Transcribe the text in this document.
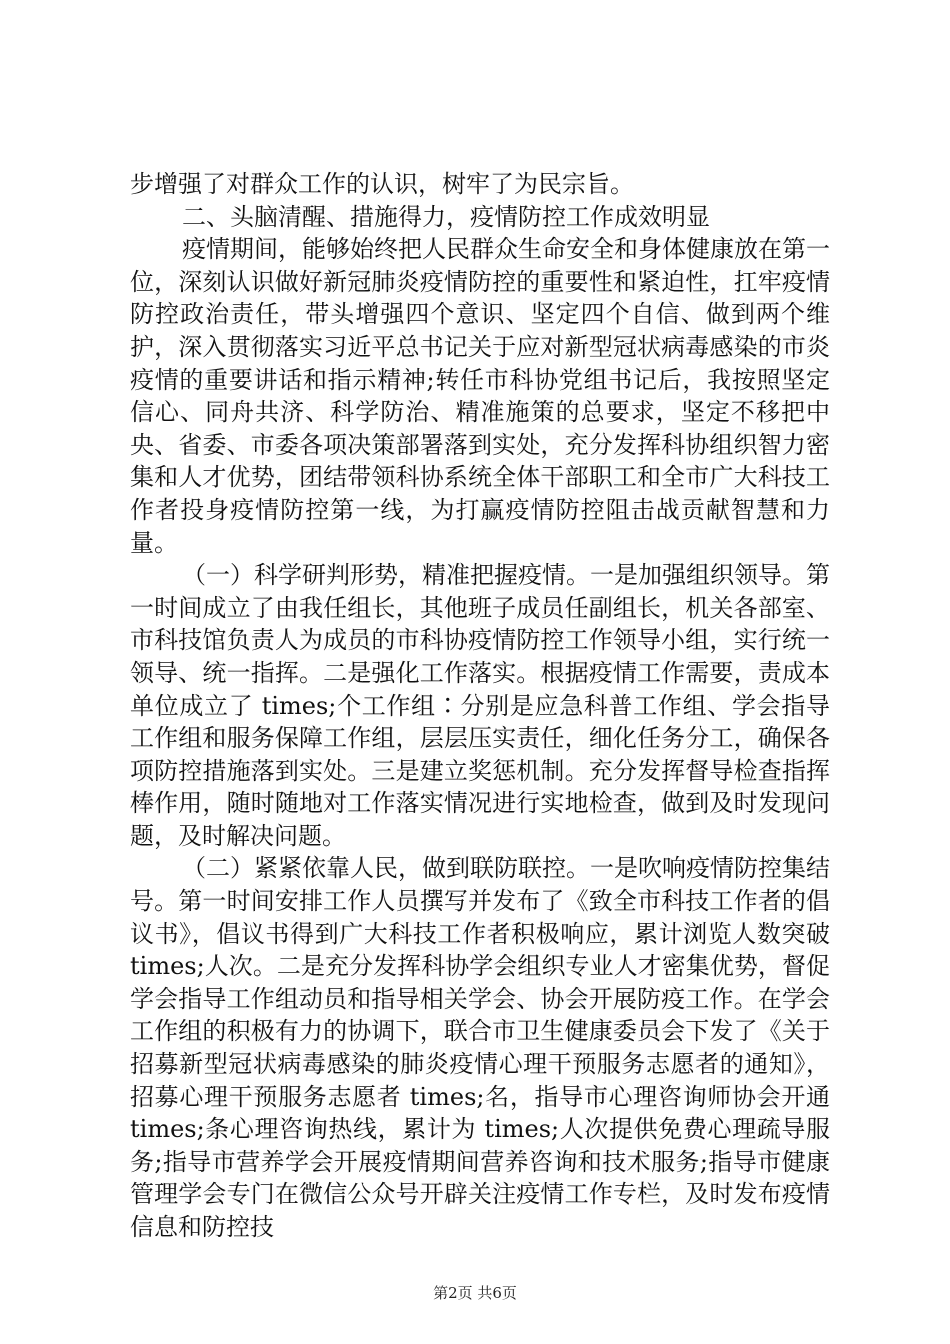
步增强了对群众工作的认识，树牢了为民宗旨。

二、头脑清醒、措施得力，疫情防控工作成效明显

疫情期间，能够始终把人民群众生命安全和身体健康放在第一位，深刻认识做好新冠肺炎疫情防控的重要性和紧迫性，扛牢疫情防控政治责任，带头增强四个意识、坚定四个自信、做到两个维护，深入贯彻落实习近平总书记关于应对新型冠状病毒感染的市炎疫情的重要讲话和指示精神;转任市科协党组书记后，我按照坚定信心、同舟共济、科学防治、精准施策的总要求，坚定不移把中央、省委、市委各项决策部署落到实处，充分发挥科协组织智力密集和人才优势，团结带领科协系统全体干部职工和全市广大科技工作者投身疫情防控第一线，为打赢疫情防控阻击战贡献智慧和力量。

（一）科学研判形势，精准把握疫情。一是加强组织领导。第一时间成立了由我任组长，其他班子成员任副组长，机关各部室、市科技馆负责人为成员的市科协疫情防控工作领导小组，实行统一领导、统一指挥。二是强化工作落实。根据疫情工作需要，责成本单位成立了 times;个工作组∶分别是应急科普工作组、学会指导工作组和服务保障工作组，层层压实责任，细化任务分工，确保各项防控措施落到实处。三是建立奖惩机制。充分发挥督导检查指挥棒作用，随时随地对工作落实情况进行实地检查，做到及时发现问题，及时解决问题。

（二）紧紧依靠人民，做到联防联控。一是吹响疫情防控集结号。第一时间安排工作人员撰写并发布了《致全市科技工作者的倡议书》，倡议书得到广大科技工作者积极响应，累计浏览人数突破 times;人次。二是充分发挥科协学会组织专业人才密集优势，督促学会指导工作组动员和指导相关学会、协会开展防疫工作。在学会工作组的积极有力的协调下，联合市卫生健康委员会下发了《关于招募新型冠状病毒感染的肺炎疫情心理干预服务志愿者的通知》，招募心理干预服务志愿者 times;名，指导市心理咨询师协会开通 times;条心理咨询热线，累计为 times;人次提供免费心理疏导服务;指导市营养学会开展疫情期间营养咨询和技术服务;指导市健康管理学会专门在微信公众号开辟关注疫情工作专栏，及时发布疫情信息和防控技

第2页 共6页
